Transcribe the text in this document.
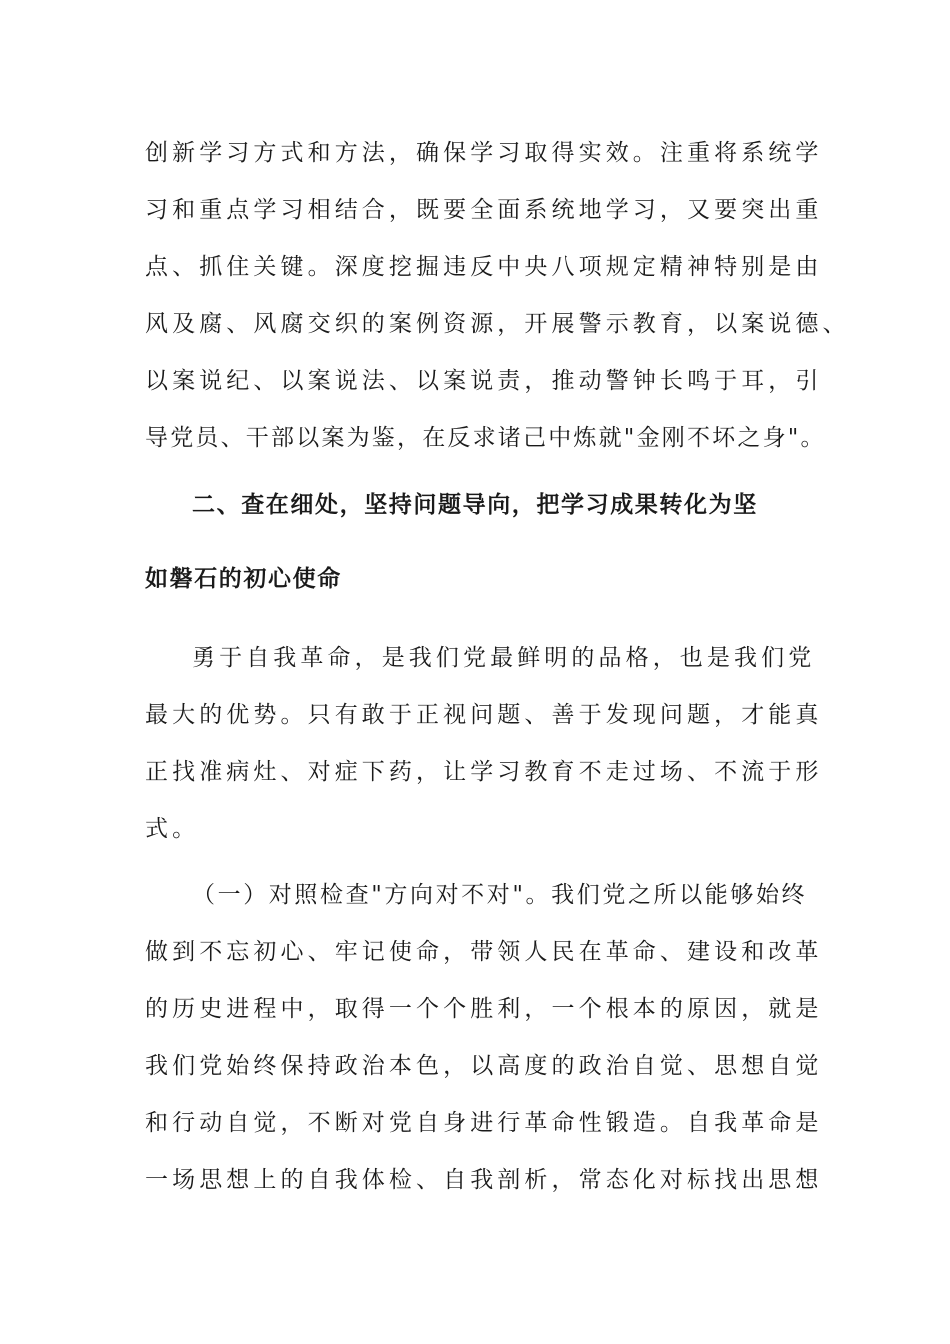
创新学习方式和方法，确保学习取得实效。注重将系统学

习和重点学习相结合，既要全面系统地学习，又要突出重

点、抓住关键。深度挖掘违反中央八项规定精神特别是由

风及腐、风腐交织的案例资源，开展警示教育，以案说德、

以案说纪、以案说法、以案说责，推动警钟长鸣于耳，引

导党员、干部以案为鉴，在反求诸己中炼就"金刚不坏之身"。

二、查在细处，坚持问题导向，把学习成果转化为坚

如磐石的初心使命

勇于自我革命，是我们党最鲜明的品格，也是我们党

最大的优势。只有敢于正视问题、善于发现问题，才能真

正找准病灶、对症下药，让学习教育不走过场、不流于形

式。

（一）对照检查"方向对不对"。我们党之所以能够始终

做到不忘初心、牢记使命，带领人民在革命、建设和改革

的历史进程中，取得一个个胜利，一个根本的原因，就是

我们党始终保持政治本色，以高度的政治自觉、思想自觉

和行动自觉，不断对党自身进行革命性锻造。自我革命是

一场思想上的自我体检、自我剖析，常态化对标找出思想
